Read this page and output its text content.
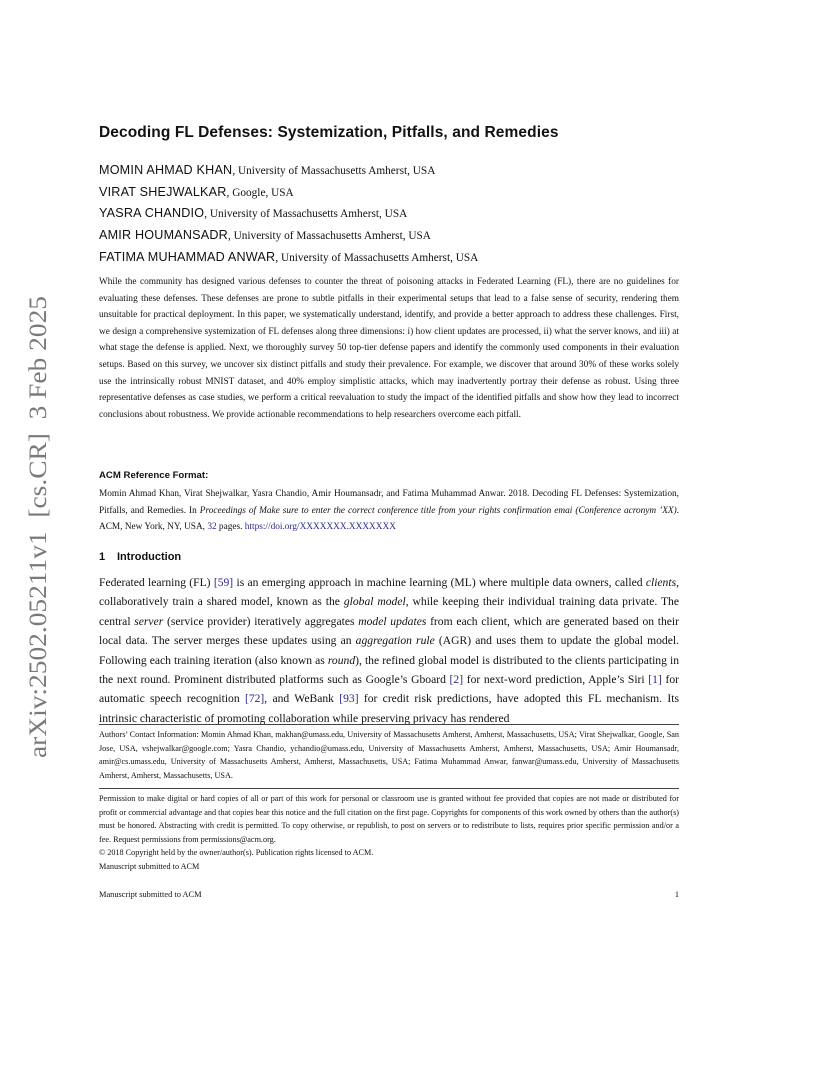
arXiv:2502.05211v1  [cs.CR]  3 Feb 2025
Decoding FL Defenses: Systemization, Pitfalls, and Remedies
MOMIN AHMAD KHAN, University of Massachusetts Amherst, USA
VIRAT SHEJWALKAR, Google, USA
YASRA CHANDIO, University of Massachusetts Amherst, USA
AMIR HOUMANSADR, University of Massachusetts Amherst, USA
FATIMA MUHAMMAD ANWAR, University of Massachusetts Amherst, USA
While the community has designed various defenses to counter the threat of poisoning attacks in Federated Learning (FL), there are no guidelines for evaluating these defenses. These defenses are prone to subtle pitfalls in their experimental setups that lead to a false sense of security, rendering them unsuitable for practical deployment. In this paper, we systematically understand, identify, and provide a better approach to address these challenges. First, we design a comprehensive systemization of FL defenses along three dimensions: i) how client updates are processed, ii) what the server knows, and iii) at what stage the defense is applied. Next, we thoroughly survey 50 top-tier defense papers and identify the commonly used components in their evaluation setups. Based on this survey, we uncover six distinct pitfalls and study their prevalence. For example, we discover that around 30% of these works solely use the intrinsically robust MNIST dataset, and 40% employ simplistic attacks, which may inadvertently portray their defense as robust. Using three representative defenses as case studies, we perform a critical reevaluation to study the impact of the identified pitfalls and show how they lead to incorrect conclusions about robustness. We provide actionable recommendations to help researchers overcome each pitfall.
ACM Reference Format:
Momin Ahmad Khan, Virat Shejwalkar, Yasra Chandio, Amir Houmansadr, and Fatima Muhammad Anwar. 2018. Decoding FL Defenses: Systemization, Pitfalls, and Remedies. In Proceedings of Make sure to enter the correct conference title from your rights confirmation emai (Conference acronym ’XX). ACM, New York, NY, USA, 32 pages. https://doi.org/XXXXXXX.XXXXXXX
1 Introduction
Federated learning (FL) [59] is an emerging approach in machine learning (ML) where multiple data owners, called clients, collaboratively train a shared model, known as the global model, while keeping their individual training data private. The central server (service provider) iteratively aggregates model updates from each client, which are generated based on their local data. The server merges these updates using an aggregation rule (AGR) and uses them to update the global model. Following each training iteration (also known as round), the refined global model is distributed to the clients participating in the next round. Prominent distributed platforms such as Google’s Gboard [2] for next-word prediction, Apple’s Siri [1] for automatic speech recognition [72], and WeBank [93] for credit risk predictions, have adopted this FL mechanism. Its intrinsic characteristic of promoting collaboration while preserving privacy has rendered
Authors’ Contact Information: Momin Ahmad Khan, makhan@umass.edu, University of Massachusetts Amherst, Amherst, Massachusetts, USA; Virat Shejwalkar, Google, San Jose, USA, vshejwalkar@google.com; Yasra Chandio, ychandio@umass.edu, University of Massachusetts Amherst, Amherst, Massachusetts, USA; Amir Houmansadr, amir@cs.umass.edu, University of Massachusetts Amherst, Amherst, Massachusetts, USA; Fatima Muhammad Anwar, fanwar@umass.edu, University of Massachusetts Amherst, Amherst, Massachusetts, USA.
Permission to make digital or hard copies of all or part of this work for personal or classroom use is granted without fee provided that copies are not made or distributed for profit or commercial advantage and that copies bear this notice and the full citation on the first page. Copyrights for components of this work owned by others than the author(s) must be honored. Abstracting with credit is permitted. To copy otherwise, or republish, to post on servers or to redistribute to lists, requires prior specific permission and/or a fee. Request permissions from permissions@acm.org.
© 2018 Copyright held by the owner/author(s). Publication rights licensed to ACM.
Manuscript submitted to ACM
Manuscript submitted to ACM	1
